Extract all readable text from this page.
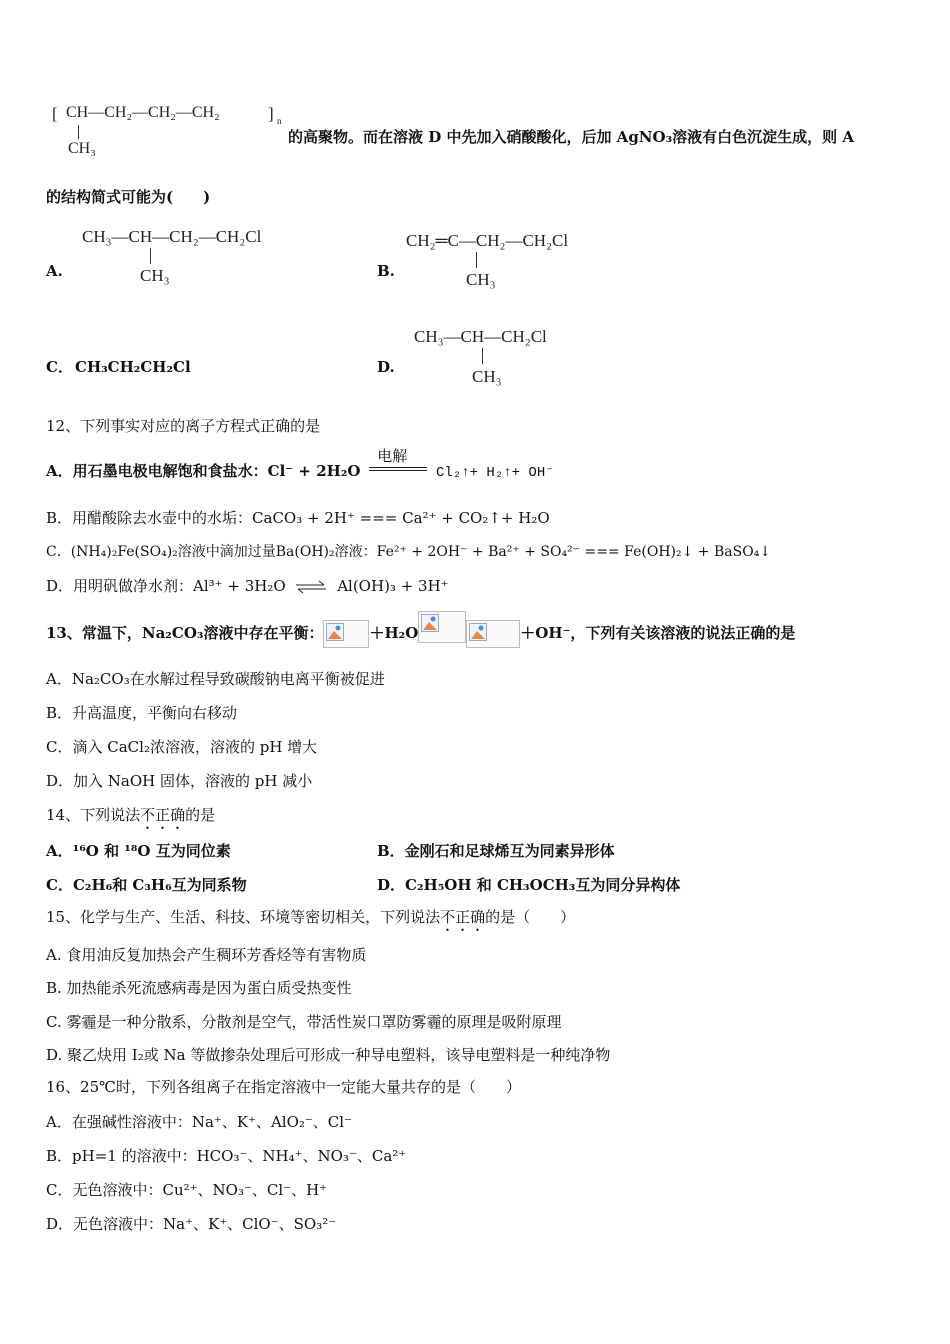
[ CH—CH₂—CH₂—CH₂	] n
CH₃
的高聚物。而在溶液 D 中先加入硝酸酸化，后加 AgNO₃溶液有白色沉淀生成，则 A
的结构简式可能为(　　)
A.
CH₃—CH—CH₂—CH₂Cl
CH₃	B.
CH₂═C—CH₂—CH₂Cl
CH₃
C． CH₃CH₂CH₂Cl	D.
CH₃—CH—CH₂Cl
CH₃
12、下列事实对应的离子方程式正确的是
A．用石墨电极电解饱和食盐水：Cl⁻ + 2H₂O
电解
Cl₂↑+ H₂↑+ OH⁻
B．用醋酸除去水壶中的水垢：CaCO₃ + 2H⁺ === Ca²⁺ + CO₂↑+ H₂O
C．(NH₄)₂Fe(SO₄)₂溶液中滴加过量Ba(OH)₂溶液：Fe²⁺ + 2OH⁻ + Ba²⁺ + SO₄²⁻ === Fe(OH)₂↓ + BaSO₄↓
D．用明矾做净水剂：Al³⁺ + 3H₂O ⇌ Al(OH)₃ + 3H⁺
13、常温下，Na₂CO₃溶液中存在平衡：	＋H₂O	＋OH⁻，下列有关该溶液的说法正确的是
A．Na₂CO₃在水解过程导致碳酸钠电离平衡被促进
B．升高温度，平衡向右移动
C．滴入 CaCl₂浓溶液，溶液的 pH 增大
D．加入 NaOH 固体，溶液的 pH 减小
14、下列说法不正确的是
A．¹⁶O 和 ¹⁸O 互为同位素	B．金刚石和足球烯互为同素异形体
C．C₂H₆和 C₃H₆互为同系物	D．C₂H₅OH 和 CH₃OCH₃互为同分异构体
15、化学与生产、生活、科技、环境等密切相关，下列说法不正确的是（　　）
A. 食用油反复加热会产生稠环芳香烃等有害物质
B. 加热能杀死流感病毒是因为蛋白质受热变性
C. 雾霾是一种分散系，分散剂是空气，带活性炭口罩防雾霾的原理是吸附原理
D. 聚乙炔用 I₂或 Na 等做掺杂处理后可形成一种导电塑料，该导电塑料是一种纯净物
16、25℃时，下列各组离子在指定溶液中一定能大量共存的是（　　）
A．在强碱性溶液中：Na⁺、K⁺、AlO₂⁻、Cl⁻
B．pH=1 的溶液中：HCO₃⁻、NH₄⁺、NO₃⁻、Ca²⁺
C．无色溶液中：Cu²⁺、NO₃⁻、Cl⁻、H⁺
D．无色溶液中：Na⁺、K⁺、ClO⁻、SO₃²⁻
